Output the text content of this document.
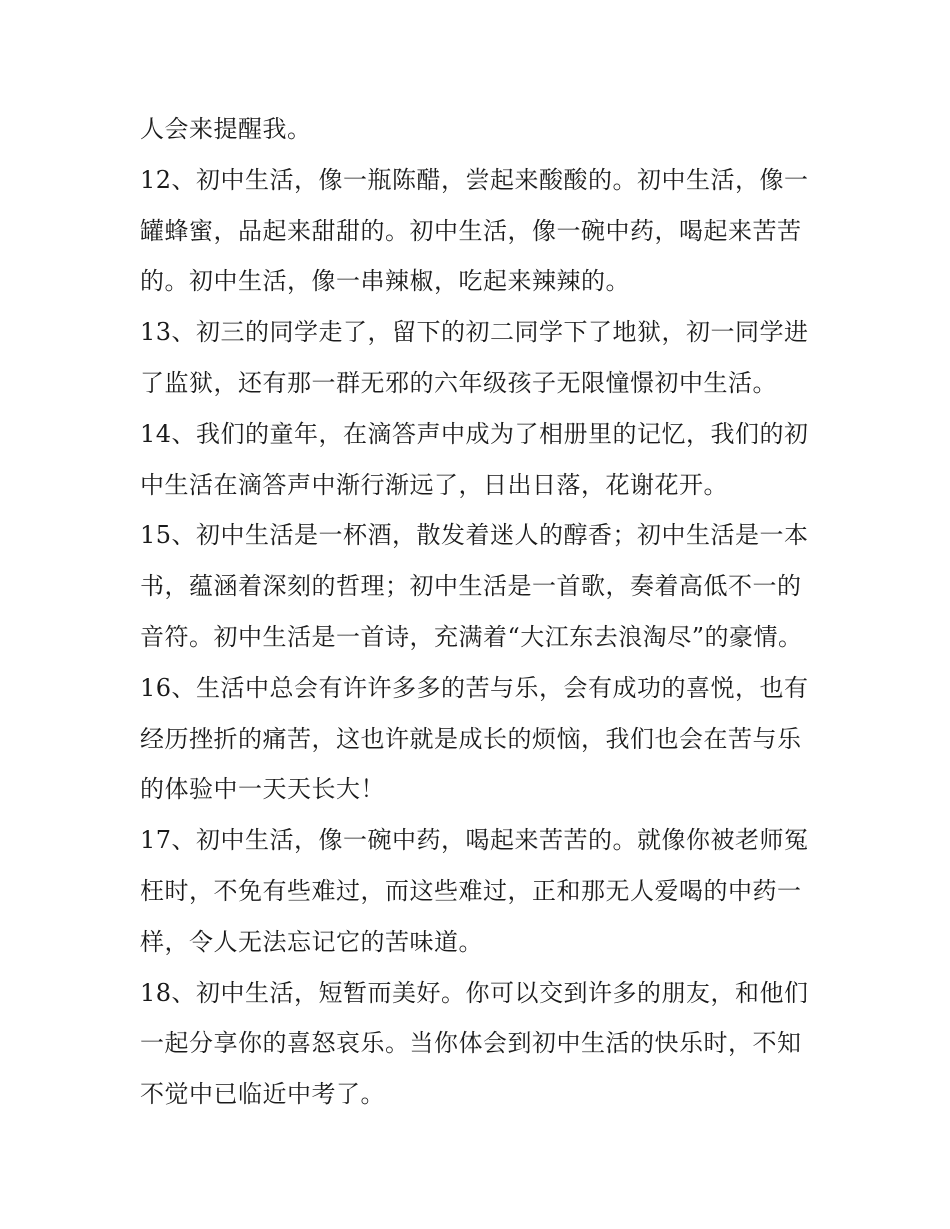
人会来提醒我。
12、初中生活，像一瓶陈醋，尝起来酸酸的。初中生活，像一
罐蜂蜜，品起来甜甜的。初中生活，像一碗中药，喝起来苦苦
的。初中生活，像一串辣椒，吃起来辣辣的。
13、初三的同学走了，留下的初二同学下了地狱，初一同学进
了监狱，还有那一群无邪的六年级孩子无限憧憬初中生活。
14、我们的童年，在滴答声中成为了相册里的记忆，我们的初
中生活在滴答声中渐行渐远了，日出日落，花谢花开。
15、初中生活是一杯酒，散发着迷人的醇香；初中生活是一本
书，蕴涵着深刻的哲理；初中生活是一首歌，奏着高低不一的
音符。初中生活是一首诗，充满着“大江东去浪淘尽”的豪情。
16、生活中总会有许许多多的苦与乐，会有成功的喜悦，也有
经历挫折的痛苦，这也许就是成长的烦恼，我们也会在苦与乐
的体验中一天天长大！
17、初中生活，像一碗中药，喝起来苦苦的。就像你被老师冤
枉时，不免有些难过，而这些难过，正和那无人爱喝的中药一
样，令人无法忘记它的苦味道。
18、初中生活，短暂而美好。你可以交到许多的朋友，和他们
一起分享你的喜怒哀乐。当你体会到初中生活的快乐时，不知
不觉中已临近中考了。
